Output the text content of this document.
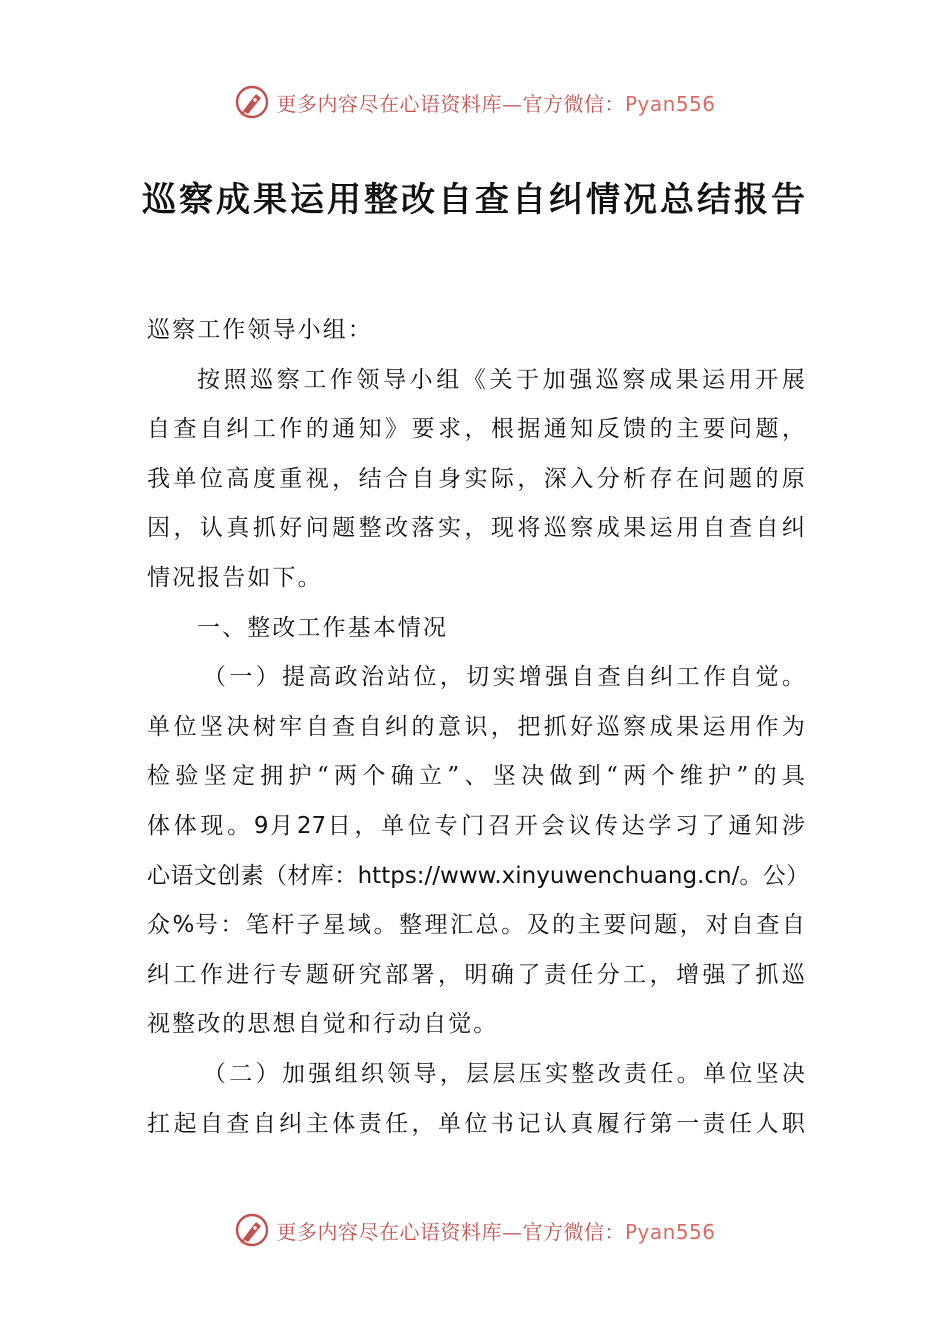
更多内容尽在心语资料库—官方微信：Pyan556
巡察成果运用整改自查自纠情况总结报告
巡察工作领导小组：
按照巡察工作领导小组《关于加强巡察成果运用开展
自查自纠工作的通知》要求，根据通知反馈的主要问题，
我单位高度重视，结合自身实际，深入分析存在问题的原
因，认真抓好问题整改落实，现将巡察成果运用自查自纠
情况报告如下。
一、整改工作基本情况
（一）提高政治站位，切实增强自查自纠工作自觉。
单位坚决树牢自查自纠的意识，把抓好巡察成果运用作为
检验坚定拥护“两个确立”、坚决做到“两个维护”的具
体体现。9月27日，单位专门召开会议传达学习了通知涉
心语文创素（材库：https://www.xinyuwenchuang.cn/。公）
众%号：笔杆子星域。整理汇总。及的主要问题，对自查自
纠工作进行专题研究部署，明确了责任分工，增强了抓巡
视整改的思想自觉和行动自觉。
（二）加强组织领导，层层压实整改责任。单位坚决
扛起自查自纠主体责任，单位书记认真履行第一责任人职
更多内容尽在心语资料库—官方微信：Pyan556
